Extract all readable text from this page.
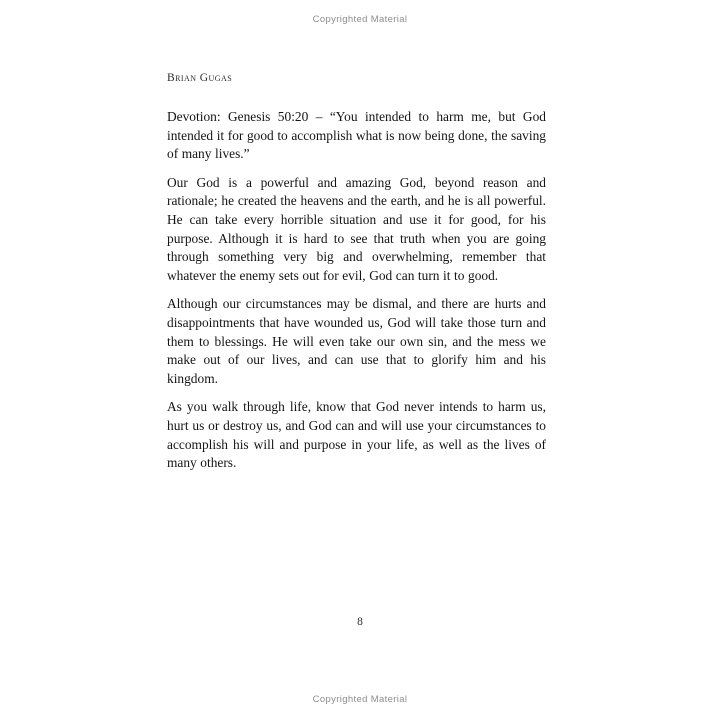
Copyrighted Material
Brian Gugas

Devotion: Genesis 50:20 – “You intended to harm me, but God intended it for good to accomplish what is now being done, the saving of many lives.”

Our God is a powerful and amazing God, beyond reason and rationale; he created the heavens and the earth, and he is all powerful. He can take every horrible situation and use it for good, for his purpose. Although it is hard to see that truth when you are going through something very big and overwhelming, remember that whatever the enemy sets out for evil, God can turn it to good.

Although our circumstances may be dismal, and there are hurts and disappointments that have wounded us, God will take those turn and them to blessings. He will even take our own sin, and the mess we make out of our lives, and can use that to glorify him and his kingdom.

As you walk through life, know that God never intends to harm us, hurt us or destroy us, and God can and will use your circumstances to accomplish his will and purpose in your life, as well as the lives of many others.

8
Copyrighted Material
